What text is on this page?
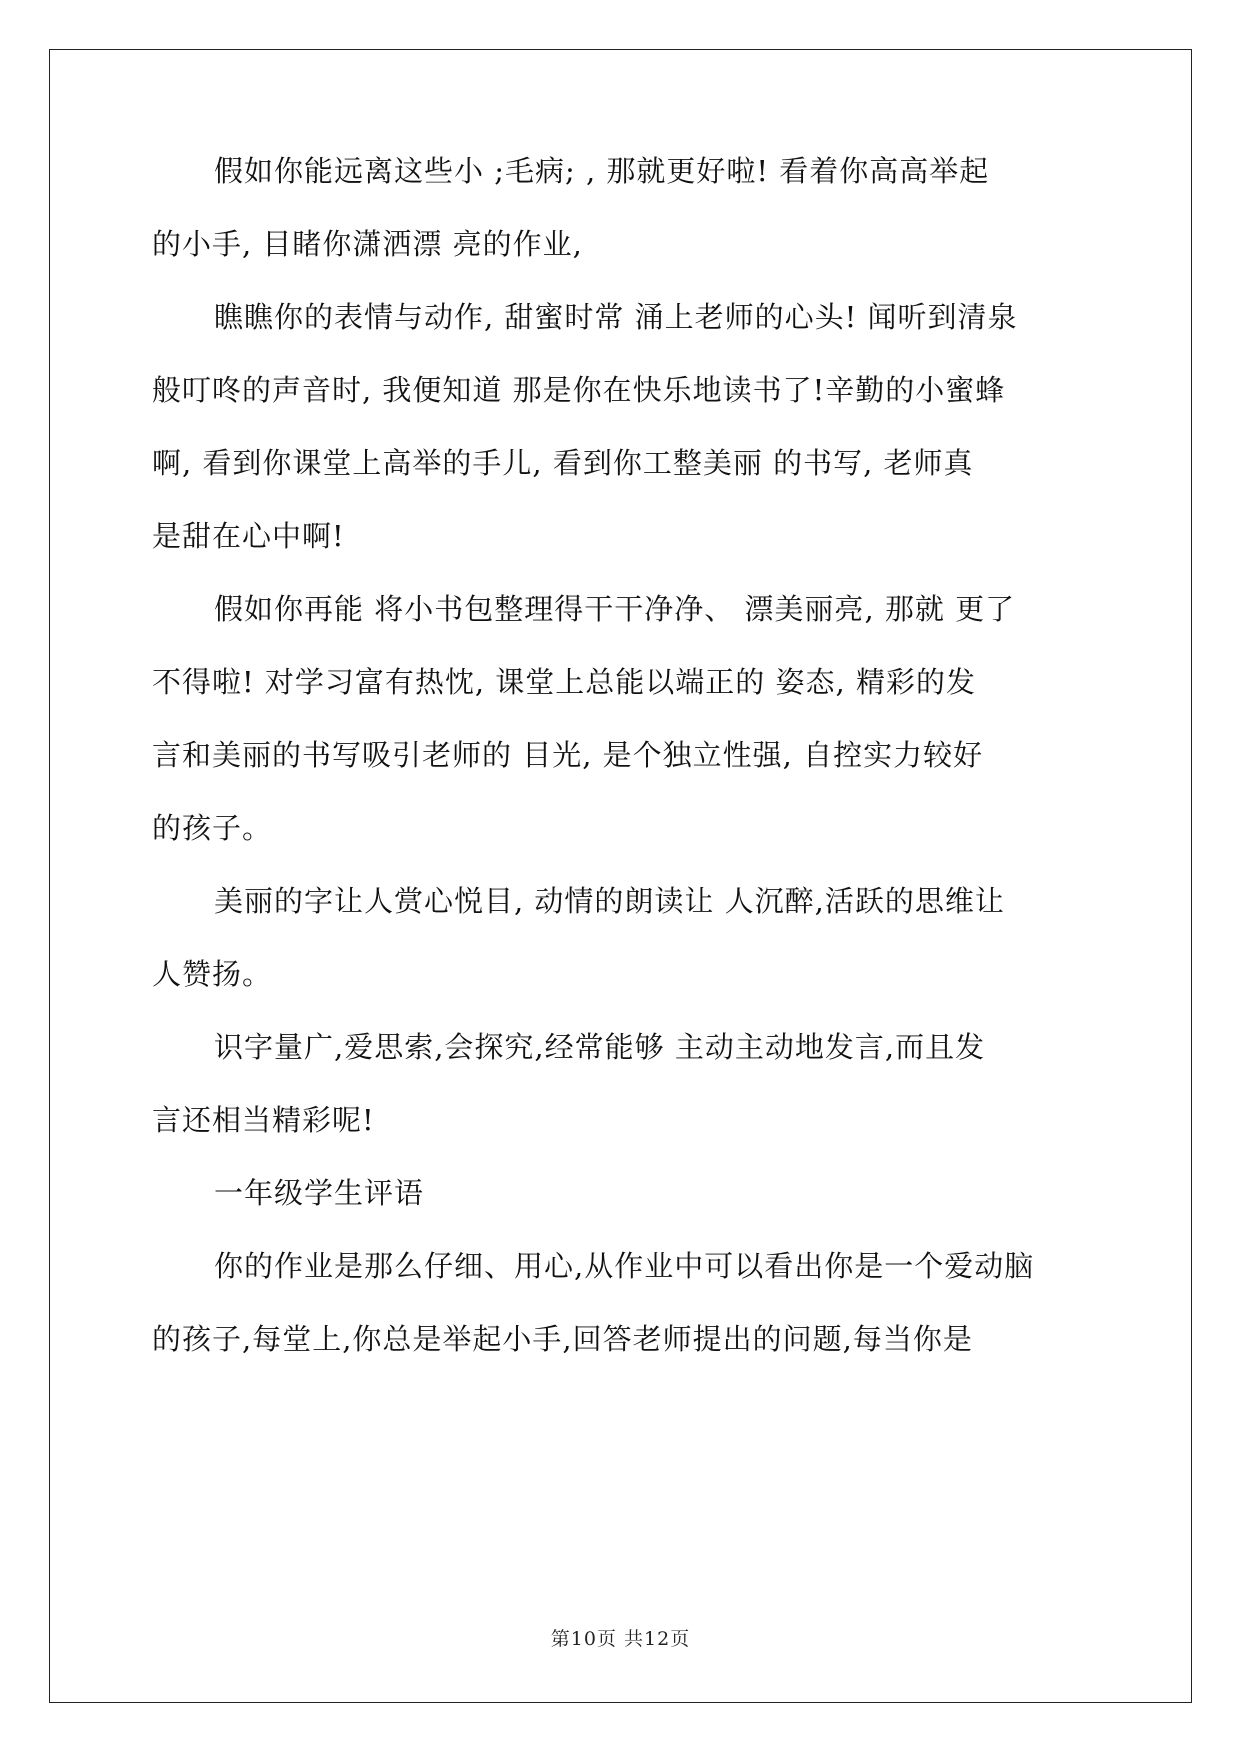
假如你能远离这些小 ;毛病; , 那就更好啦! 看着你高高举起
的小手, 目睹你潇洒漂 亮的作业,
瞧瞧你的表情与动作, 甜蜜时常 涌上老师的心头! 闻听到清泉
般叮咚的声音时, 我便知道 那是你在快乐地读书了!辛勤的小蜜蜂
啊, 看到你课堂上高举的手儿, 看到你工整美丽 的书写, 老师真
是甜在心中啊!
假如你再能 将小书包整理得干干净净、 漂美丽亮, 那就 更了
不得啦! 对学习富有热忱, 课堂上总能以端正的 姿态, 精彩的发
言和美丽的书写吸引老师的 目光, 是个独立性强, 自控实力较好
的孩子。
美丽的字让人赏心悦目, 动情的朗读让 人沉醉,活跃的思维让
人赞扬。
识字量广,爱思索,会探究,经常能够 主动主动地发言,而且发
言还相当精彩呢!
一年级学生评语
你的作业是那么仔细、用心,从作业中可以看出你是一个爱动脑
的孩子,每堂上,你总是举起小手,回答老师提出的问题,每当你是
第10页 共12页
